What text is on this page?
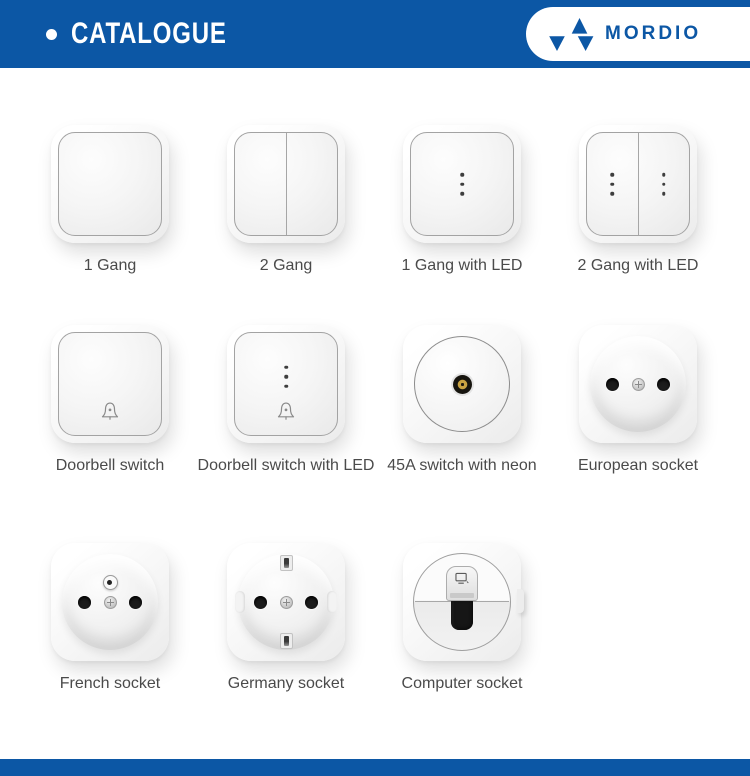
CATALOGUE	MORDIO
1 Gang	2 Gang	1 Gang with LED	2 Gang with LED
Doorbell switch Doorbell switch with LED 45A switch with neon	European socket
French socket	Germany socket	Computer socket
